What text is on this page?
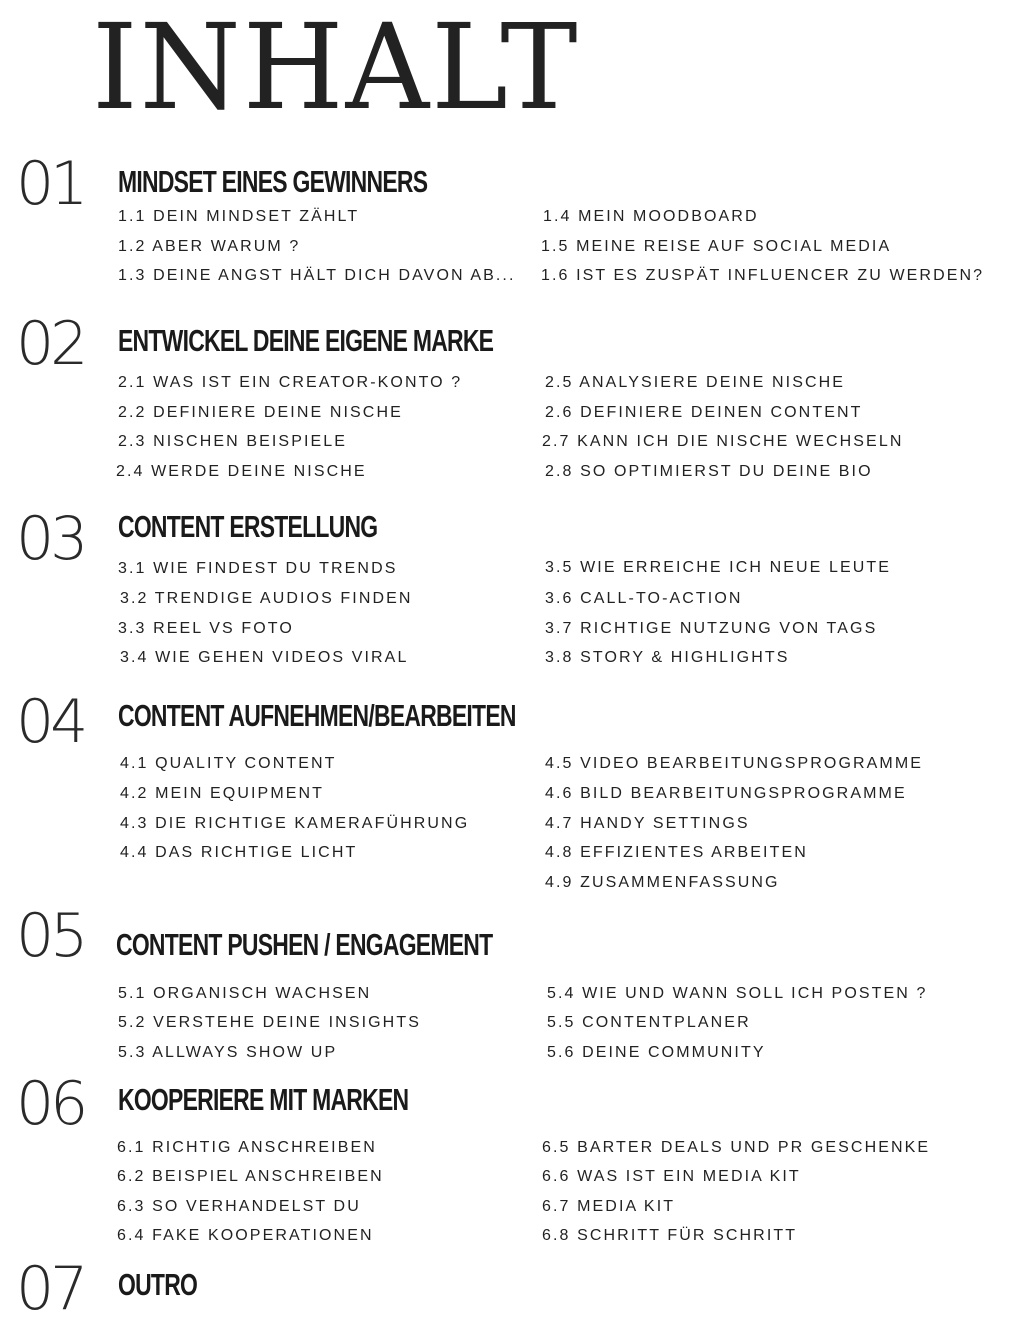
INHALT
01 MINDSET EINES GEWINNERS
1.1 DEIN MINDSET ZÄHLT
1.2 ABER WARUM ?
1.3 DEINE ANGST HÄLT DICH DAVON AB...
1.4 MEIN MOODBOARD
1.5 MEINE REISE AUF SOCIAL MEDIA
1.6 IST ES ZUSPÄT INFLUENCER ZU WERDEN?
02 ENTWICKEL DEINE EIGENE MARKE
2.1 WAS IST EIN CREATOR-KONTO ?
2.2 DEFINIERE DEINE NISCHE
2.3 NISCHEN BEISPIELE
2.4 WERDE DEINE NISCHE
2.5 ANALYSIERE DEINE NISCHE
2.6 DEFINIERE DEINEN CONTENT
2.7 KANN ICH DIE NISCHE WECHSELN
2.8 SO OPTIMIERST DU DEINE BIO
03 CONTENT ERSTELLUNG
3.1 WIE FINDEST DU TRENDS
3.2 TRENDIGE AUDIOS FINDEN
3.3 REEL VS FOTO
3.4 WIE GEHEN VIDEOS VIRAL
3.5 WIE ERREICHE ICH NEUE LEUTE
3.6 CALL-TO-ACTION
3.7 RICHTIGE NUTZUNG VON TAGS
3.8 STORY & HIGHLIGHTS
04 CONTENT AUFNEHMEN/BEARBEITEN
4.1 QUALITY CONTENT
4.2 MEIN EQUIPMENT
4.3 DIE RICHTIGE KAMERAFÜHRUNG
4.4 DAS RICHTIGE LICHT
4.5 VIDEO BEARBEITUNGSPROGRAMME
4.6 BILD BEARBEITUNGSPROGRAMME
4.7 HANDY SETTINGS
4.8 EFFIZIENTES ARBEITEN
4.9 ZUSAMMENFASSUNG
05 CONTENT PUSHEN / ENGAGEMENT
5.1 ORGANISCH WACHSEN
5.2 VERSTEHE DEINE INSIGHTS
5.3 ALLWAYS SHOW UP
5.4 WIE UND WANN SOLL ICH POSTEN ?
5.5 CONTENTPLANER
5.6 DEINE COMMUNITY
06 KOOPERIERE MIT MARKEN
6.1 RICHTIG ANSCHREIBEN
6.2 BEISPIEL ANSCHREIBEN
6.3 SO VERHANDELST DU
6.4 FAKE KOOPERATIONEN
6.5 BARTER DEALS UND PR GESCHENKE
6.6 WAS IST EIN MEDIA KIT
6.7 MEDIA KIT
6.8 SCHRITT FÜR SCHRITT
07 OUTRO
